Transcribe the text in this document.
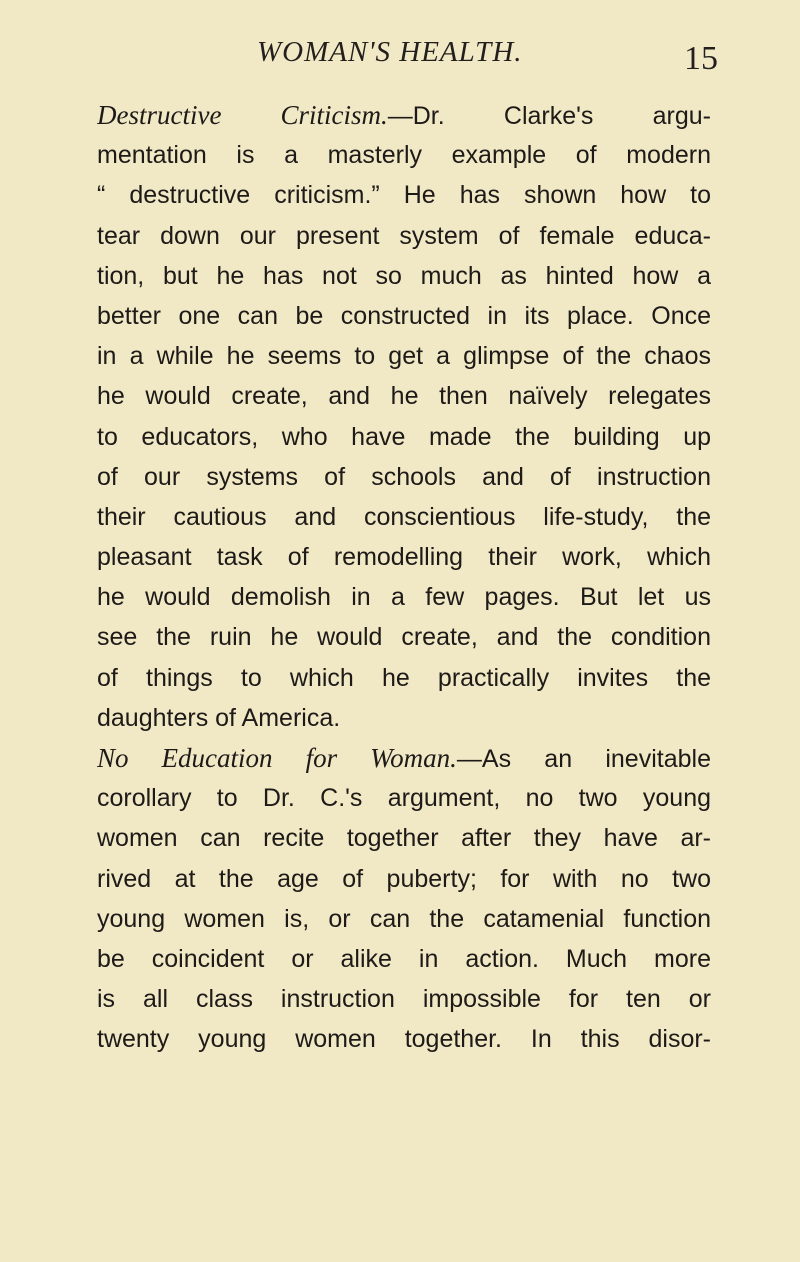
WOMAN'S HEALTH.	15
Destructive Criticism.—Dr. Clarke's argu-
mentation is a masterly example of modern
“ destructive criticism.” He has shown how to
tear down our present system of female educa-
tion, but he has not so much as hinted how a
better one can be constructed in its place. Once
in a while he seems to get a glimpse of the chaos
he would create, and he then naïvely relegates
to educators, who have made the building up
of our systems of schools and of instruction
their cautious and conscientious life-study, the
pleasant task of remodelling their work, which
he would demolish in a few pages. But let us
see the ruin he would create, and the condition
of things to which he practically invites the
daughters of America.
No Education for Woman.—As an inevitable
corollary to Dr. C.'s argument, no two young
women can recite together after they have ar-
rived at the age of puberty; for with no two
young women is, or can the catamenial function
be coincident or alike in action. Much more
is all class instruction impossible for ten or
twenty young women together. In this disor-
